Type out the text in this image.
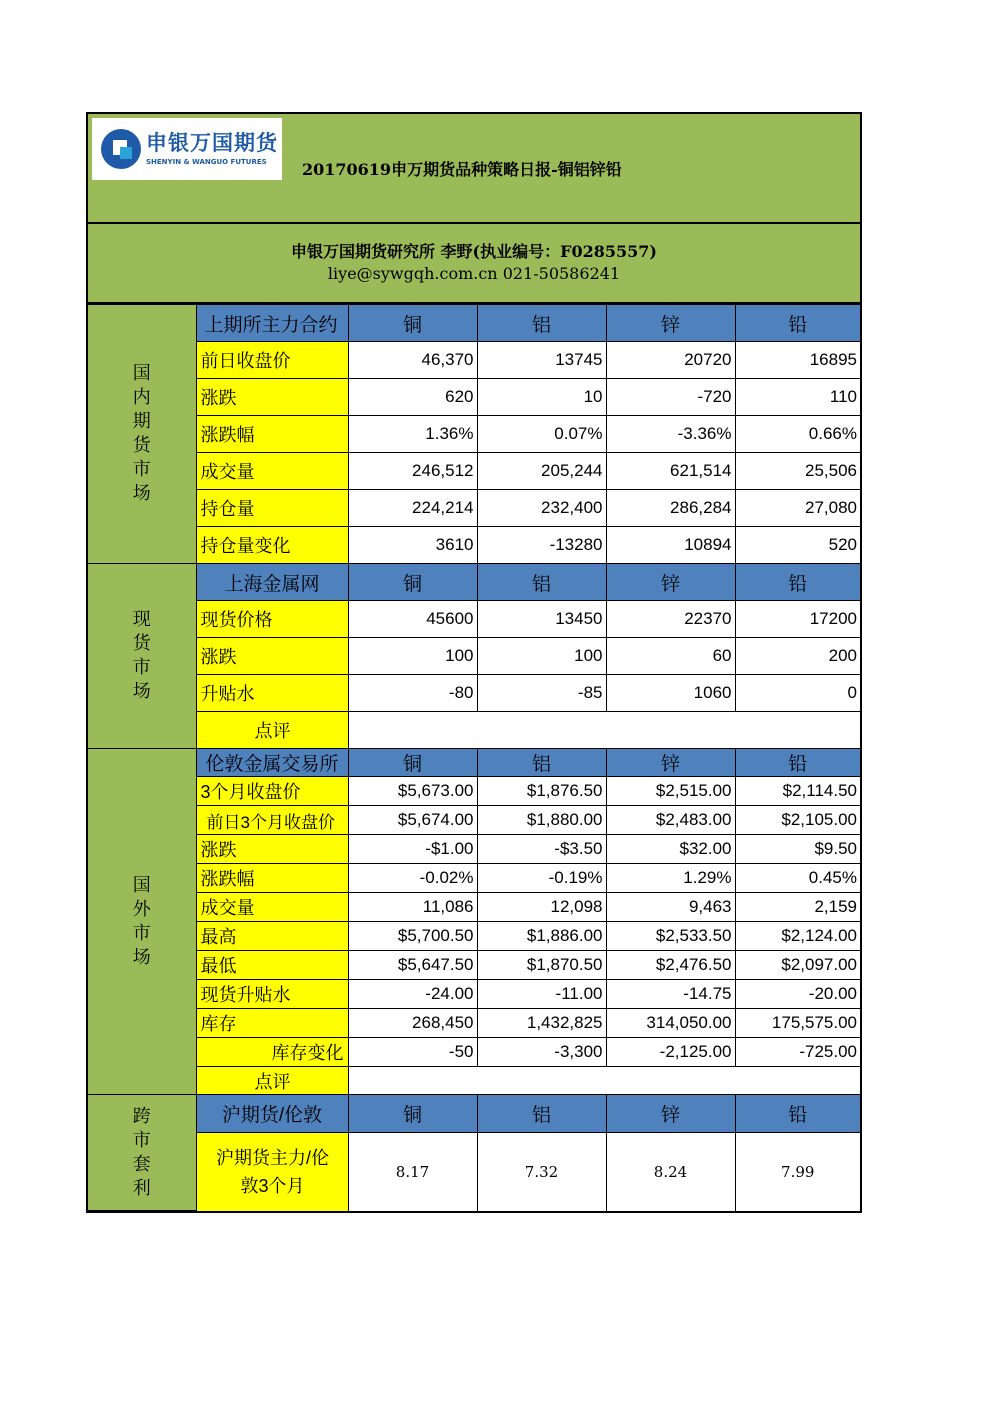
申银万国期货
SHENYIN & WANGUO FUTURES 20170619申万期货品种策略日报-铜铝锌铅
申银万国期货研究所 李野(执业编号：F0285557)
liye@sywgqh.com.cn 021-50586241
国内期货市场	上期所主力合约	铜	铝	锌	铅
	前日收盘价	46,370	13745	20720	16895
	涨跌	620	10	-720	110
	涨跌幅	1.36%	0.07%	-3.36%	0.66%
	成交量	246,512	205,244	621,514	25,506
	持仓量	224,214	232,400	286,284	27,080
	持仓量变化	3610	-13280	10894	520
现货市场	上海金属网	铜	铝	锌	铅
	现货价格	45600	13450	22370	17200
	涨跌	100	100	60	200
	升贴水	-80	-85	1060	0
	点评				
国外市场	伦敦金属交易所	铜	铝	锌	铅
	3个月收盘价	$5,673.00	$1,876.50	$2,515.00	$2,114.50
	前日3个月收盘价	$5,674.00	$1,880.00	$2,483.00	$2,105.00
	涨跌	-$1.00	-$3.50	$32.00	$9.50
	涨跌幅	-0.02%	-0.19%	1.29%	0.45%
	成交量	11,086	12,098	9,463	2,159
	最高	$5,700.50	$1,886.00	$2,533.50	$2,124.00
	最低	$5,647.50	$1,870.50	$2,476.50	$2,097.00
	现货升贴水	-24.00	-11.00	-14.75	-20.00
	库存	268,450	1,432,825	314,050.00	175,575.00
	库存变化	-50	-3,300	-2,125.00	-725.00
	点评				
跨市套利	沪期货/伦敦	铜	铝	锌	铅
	沪期货主力/伦敦3个月	8.17	7.32	8.24	7.99
